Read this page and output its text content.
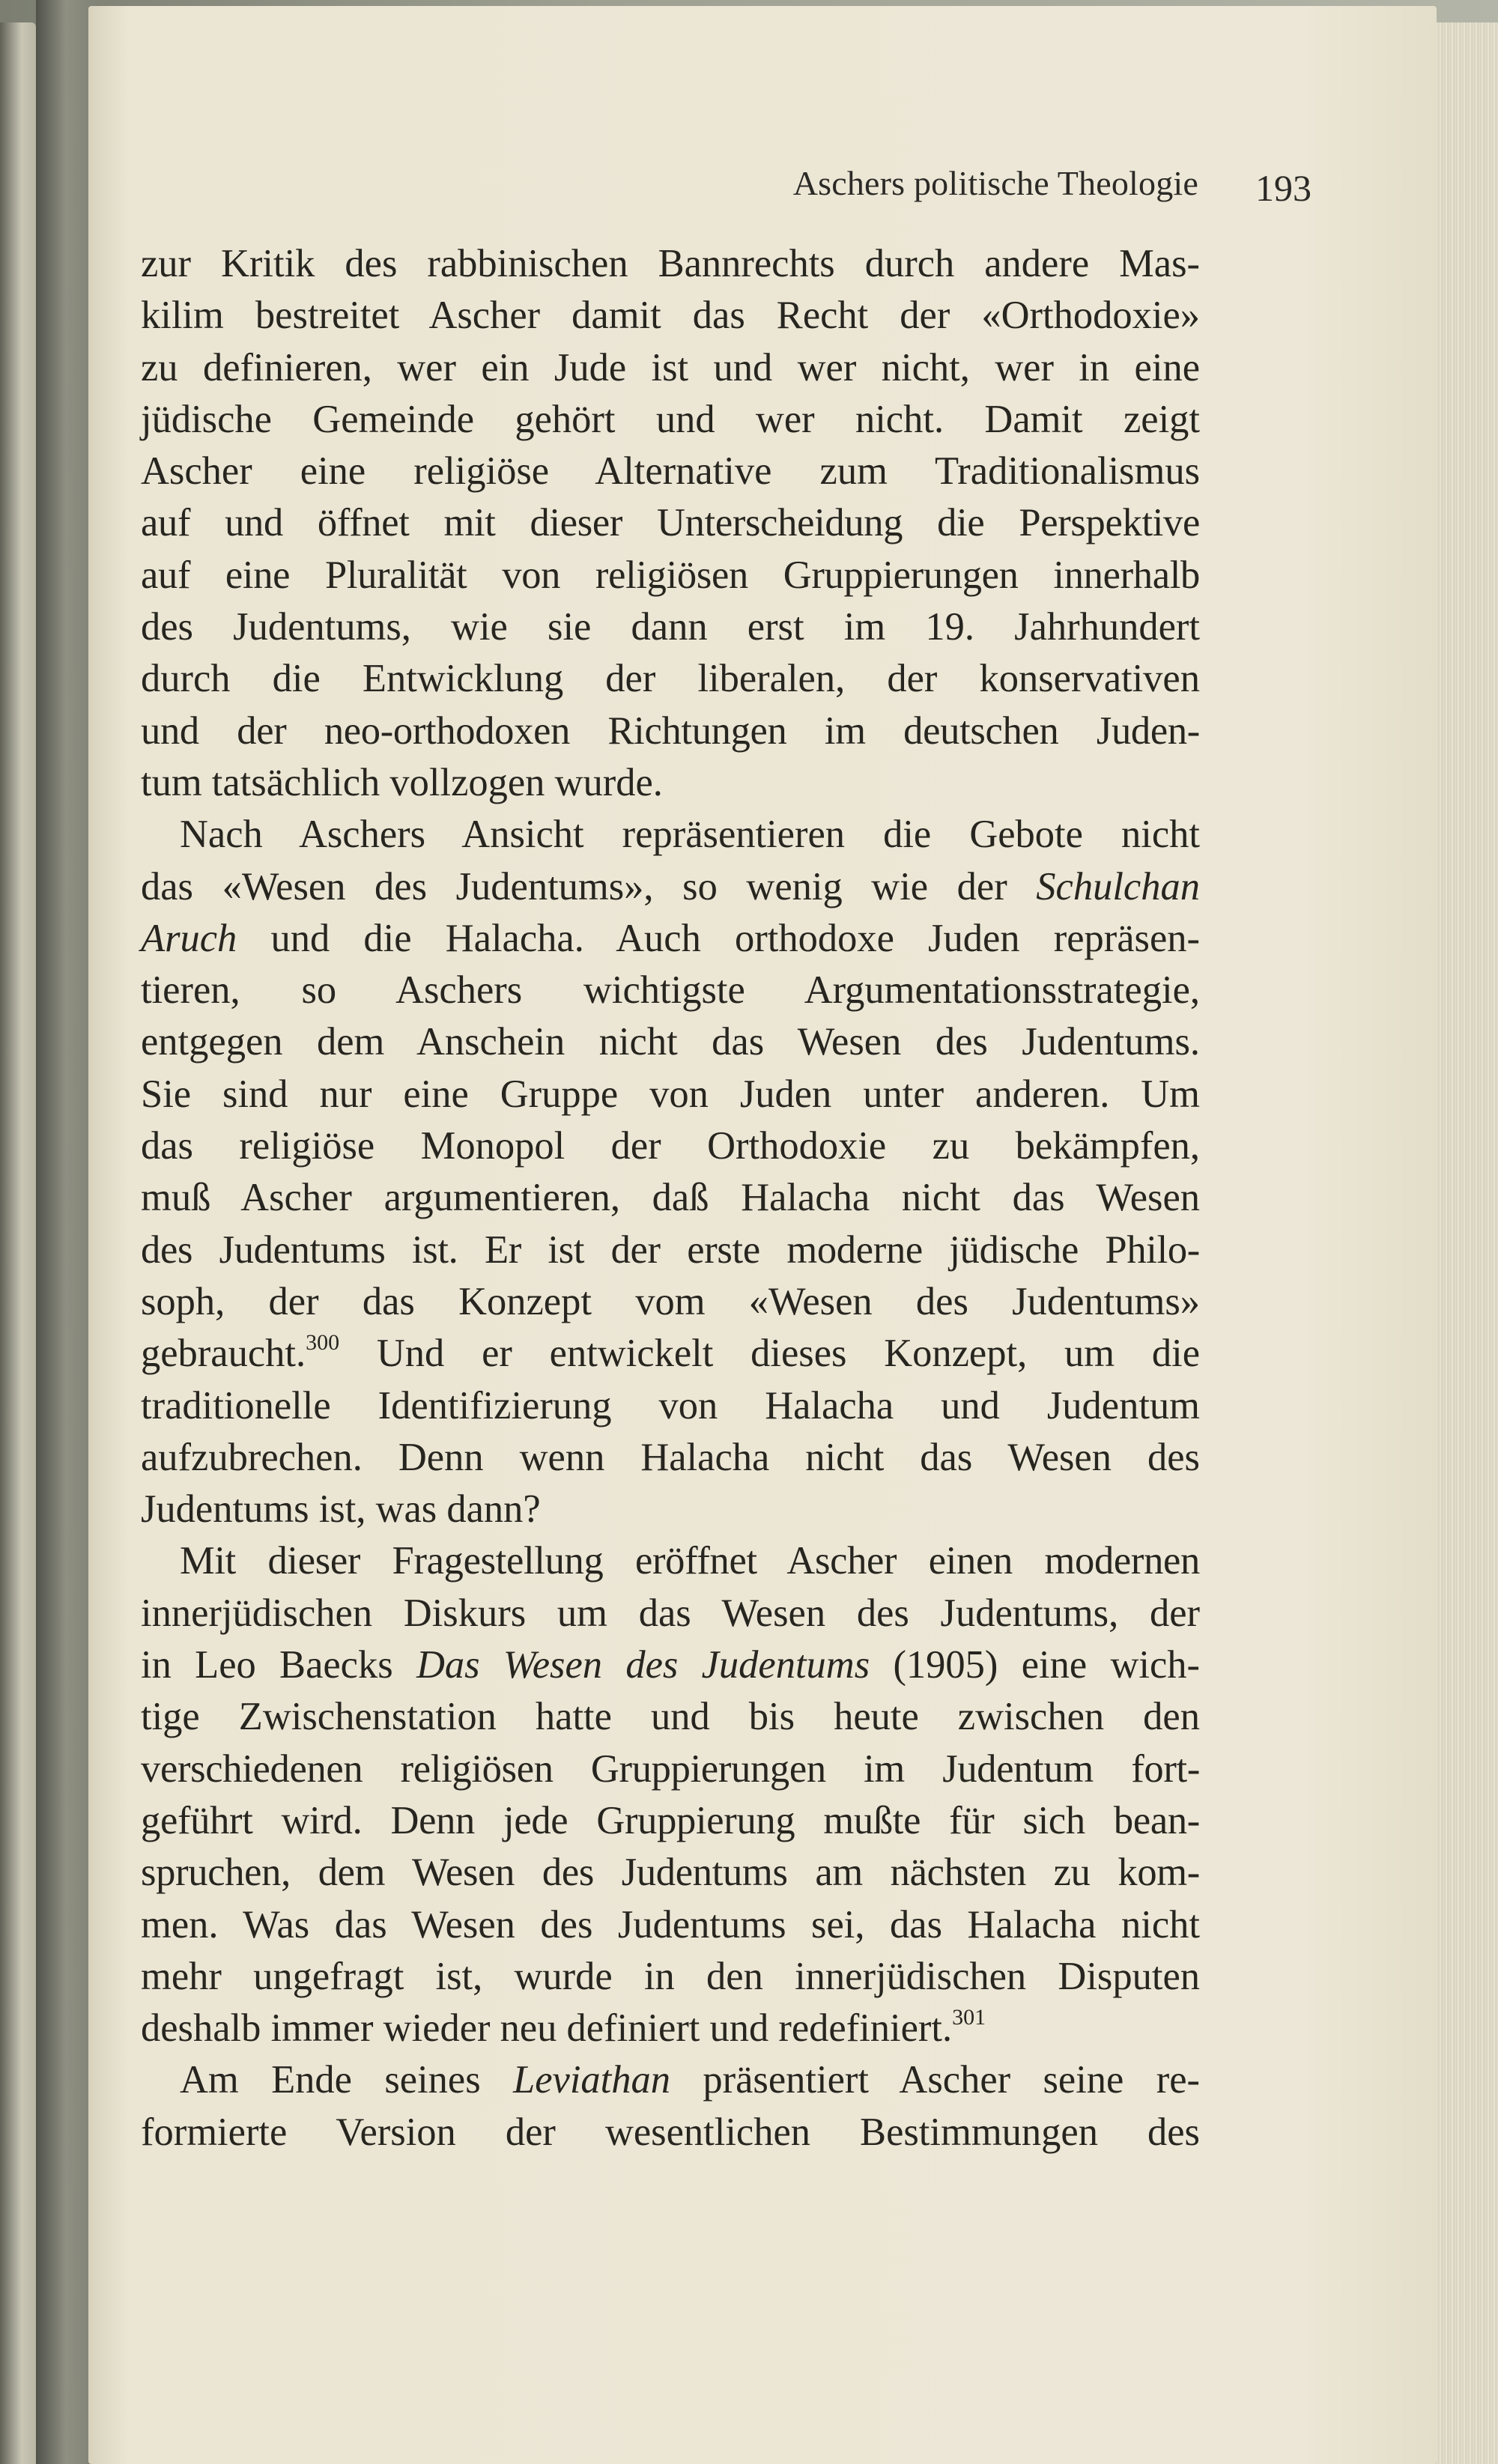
Aschers politische Theologie 193
zur Kritik des rabbinischen Bannrechts durch andere Mas-
kilim bestreitet Ascher damit das Recht der «Orthodoxie»
zu definieren, wer ein Jude ist und wer nicht, wer in eine
jüdische Gemeinde gehört und wer nicht. Damit zeigt
Ascher eine religiöse Alternative zum Traditionalismus
auf und öffnet mit dieser Unterscheidung die Perspektive
auf eine Pluralität von religiösen Gruppierungen innerhalb
des Judentums, wie sie dann erst im 19. Jahrhundert
durch die Entwicklung der liberalen, der konservativen
und der neo-orthodoxen Richtungen im deutschen Juden-
tum tatsächlich vollzogen wurde.
Nach Aschers Ansicht repräsentieren die Gebote nicht
das «Wesen des Judentums», so wenig wie der Schulchan
Aruch und die Halacha. Auch orthodoxe Juden repräsen-
tieren, so Aschers wichtigste Argumentationsstrategie,
entgegen dem Anschein nicht das Wesen des Judentums.
Sie sind nur eine Gruppe von Juden unter anderen. Um
das religiöse Monopol der Orthodoxie zu bekämpfen,
muß Ascher argumentieren, daß Halacha nicht das Wesen
des Judentums ist. Er ist der erste moderne jüdische Philo-
soph, der das Konzept vom «Wesen des Judentums»
gebraucht.$^{300}$ Und er entwickelt dieses Konzept, um die
traditionelle Identifizierung von Halacha und Judentum
aufzubrechen. Denn wenn Halacha nicht das Wesen des
Judentums ist, was dann?
Mit dieser Fragestellung eröffnet Ascher einen modernen
innerjüdischen Diskurs um das Wesen des Judentums, der
in Leo Baecks Das Wesen des Judentums (1905) eine wich-
tige Zwischenstation hatte und bis heute zwischen den
verschiedenen religiösen Gruppierungen im Judentum fort-
geführt wird. Denn jede Gruppierung mußte für sich bean-
spruchen, dem Wesen des Judentums am nächsten zu kom-
men. Was das Wesen des Judentums sei, das Halacha nicht
mehr ungefragt ist, wurde in den innerjüdischen Disputen
deshalb immer wieder neu definiert und redefiniert.$^{301}$
Am Ende seines Leviathan präsentiert Ascher seine re-
formierte Version der wesentlichen Bestimmungen des
